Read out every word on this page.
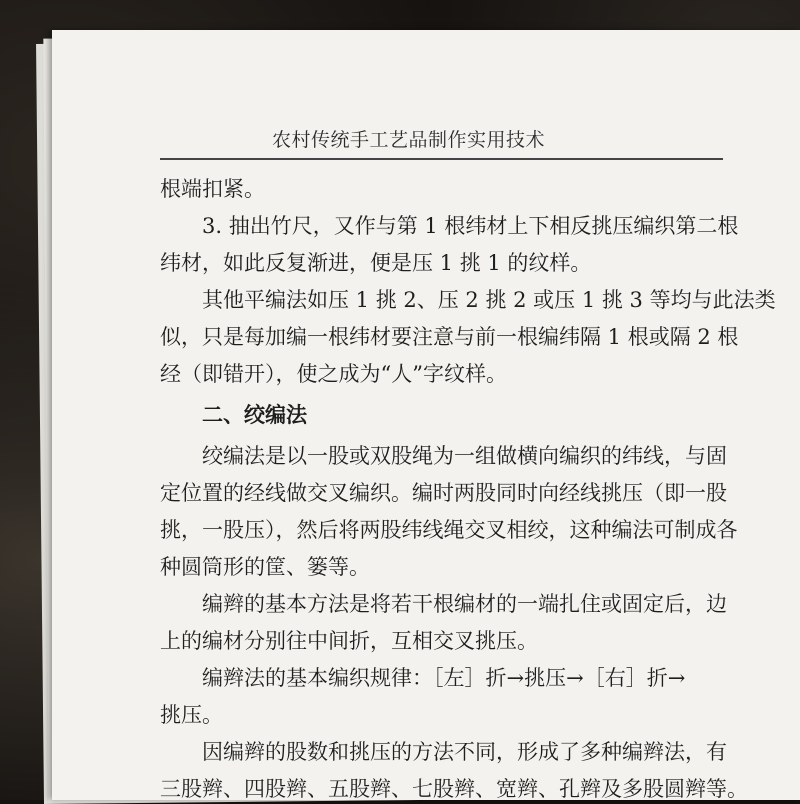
农村传统手工艺品制作实用技术
根端扣紧。
3. 抽出竹尺，又作与第 1 根纬材上下相反挑压编织第二根
纬材，如此反复渐进，便是压 1 挑 1 的纹样。
其他平编法如压 1 挑 2、压 2 挑 2 或压 1 挑 3 等均与此法类
似，只是每加编一根纬材要注意与前一根编纬隔 1 根或隔 2 根
经（即错开），使之成为“人”字纹样。
二、绞编法
绞编法是以一股或双股绳为一组做横向编织的纬线，与固
定位置的经线做交叉编织。编时两股同时向经线挑压（即一股
挑，一股压），然后将两股纬线绳交叉相绞，这种编法可制成各
种圆筒形的筐、篓等。
编辫的基本方法是将若干根编材的一端扎住或固定后，边
上的编材分别往中间折，互相交叉挑压。
编辫法的基本编织规律：［左］折→挑压→［右］折→
挑压。
因编辫的股数和挑压的方法不同，形成了多种编辫法，有
三股辫、四股辫、五股辫、七股辫、宽辫、孔辫及多股圆辫等。
